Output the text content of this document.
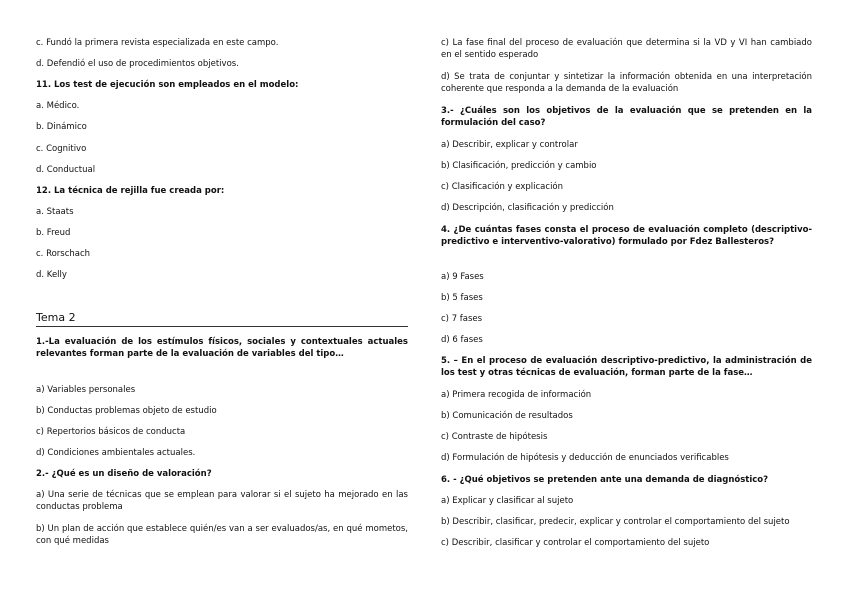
c. Fundó la primera revista especializada en este campo.

d. Defendió el uso de procedimientos objetivos.

11. Los test de ejecución son empleados en el modelo:

a. Médico.

b. Dinámico

c. Cognitivo

d. Conductual

12. La técnica de rejilla fue creada por:

a. Staats

b. Freud

c. Rorschach

d. Kelly

Tema 2

1.-La evaluación de los estímulos físicos, sociales y contextuales actuales relevantes forman parte de la evaluación de variables del tipo…

a) Variables personales

b) Conductas problemas objeto de estudio

c) Repertorios básicos de conducta

d) Condiciones ambientales actuales.

2.- ¿Qué es un diseño de valoración?

a) Una serie de técnicas que se emplean para valorar si el sujeto ha mejorado en las conductas problema

b) Un plan de acción que establece quién/es van a ser evaluados/as, en qué mometos, con qué medidas

c) La fase final del proceso de evaluación que determina si la VD y VI han cambiado en el sentido esperado

d) Se trata de conjuntar y sintetizar la información obtenida en una interpretación coherente que responda a la demanda de la evaluación

3.- ¿Cuáles son los objetivos de la evaluación que se pretenden en la formulación del caso?

a) Describir, explicar y controlar

b) Clasificación, predicción y cambio

c) Clasificación y explicación

d) Descripción, clasificación y predicción

4. ¿De cuántas fases consta el proceso de evaluación completo (descriptivo-predictivo e interventivo-valorativo) formulado por Fdez Ballesteros?

a) 9 Fases

b) 5 fases

c) 7 fases

d) 6 fases

5. – En el proceso de evaluación descriptivo-predictivo, la administración de los test y otras técnicas de evaluación, forman parte de la fase…

a) Primera recogida de información

b) Comunicación de resultados

c) Contraste de hipótesis

d) Formulación de hipótesis y deducción de enunciados verificables

6. - ¿Qué objetivos se pretenden ante una demanda de diagnóstico?

a) Explicar y clasificar al sujeto

b) Describir, clasificar, predecir, explicar y controlar el comportamiento del sujeto

c) Describir, clasificar y controlar el comportamiento del sujeto
